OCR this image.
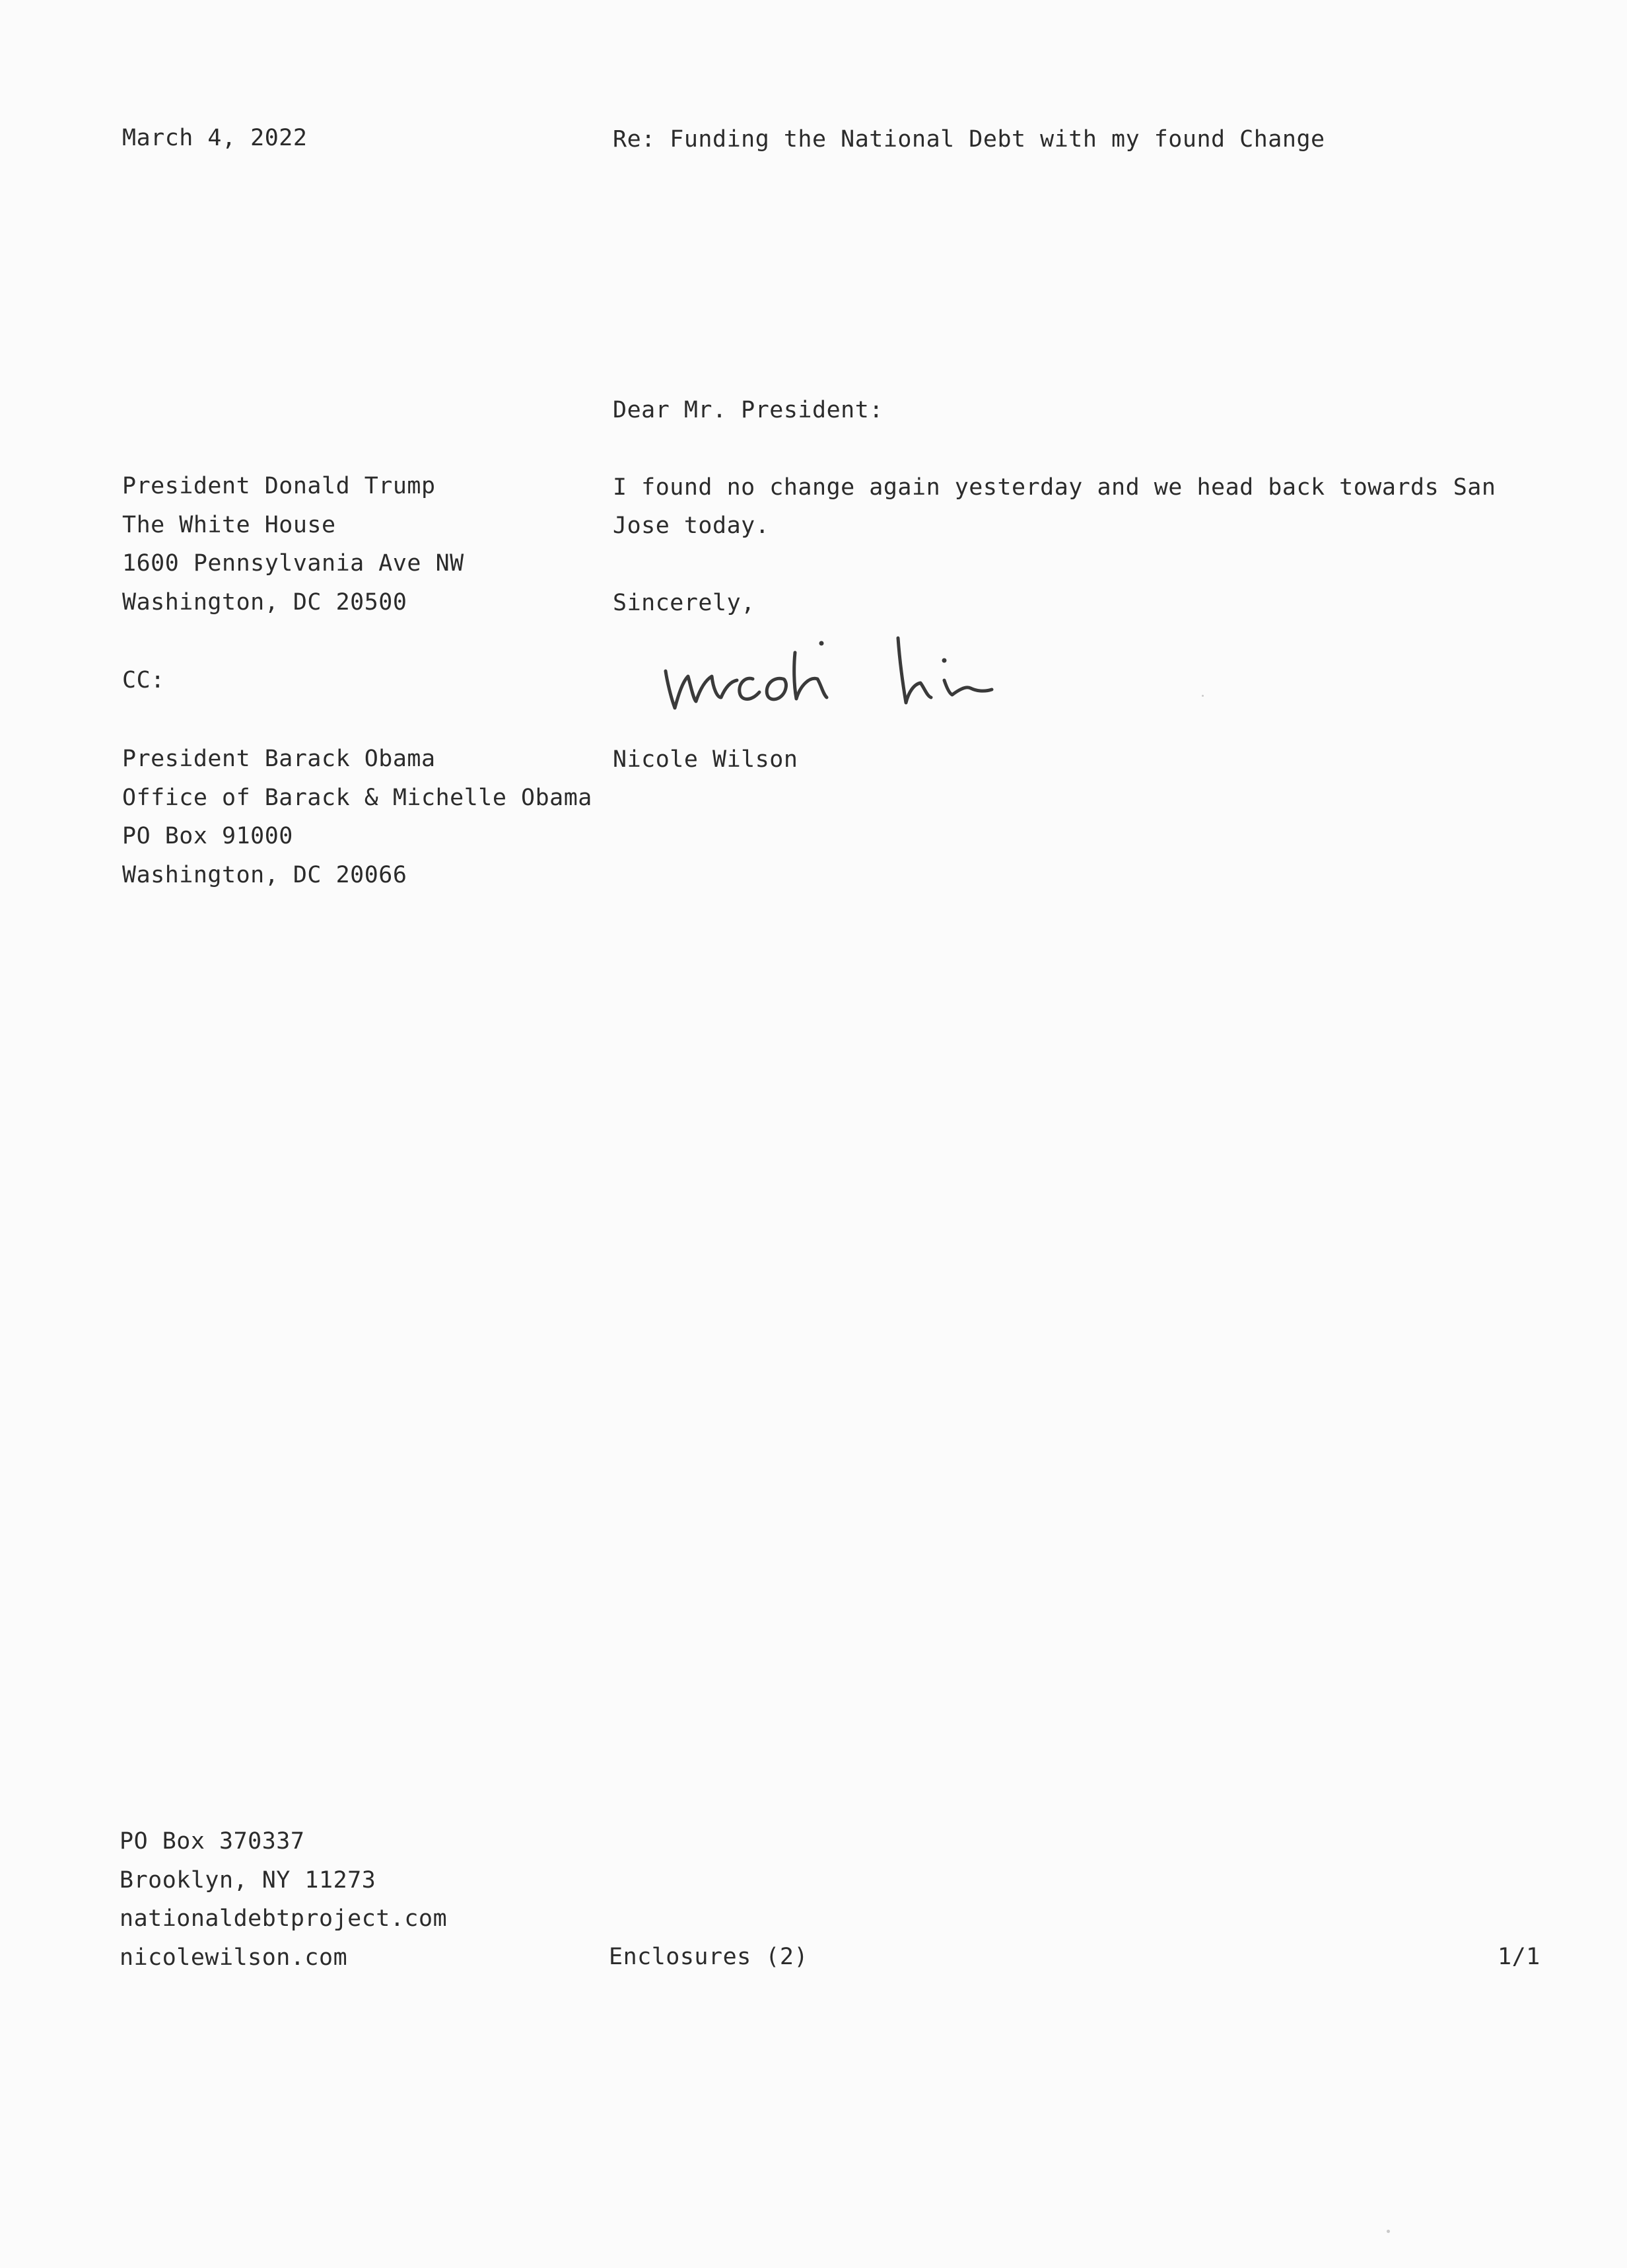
March 4, 2022	Re: Funding the National Debt with my found Change
Dear Mr. President:
President Donald Trump
The White House
1600 Pennsylvania Ave NW
Washington, DC 20500
CC:
President Barack Obama
Office of Barack & Michelle Obama
PO Box 91000
Washington, DC 20066
I found no change again yesterday and we head back towards San Jose today.
Sincerely,
Nicole Wilson
PO Box 370337
Brooklyn, NY 11273
nationaldebtproject.com
nicolewilson.com	Enclosures (2)	1/1
